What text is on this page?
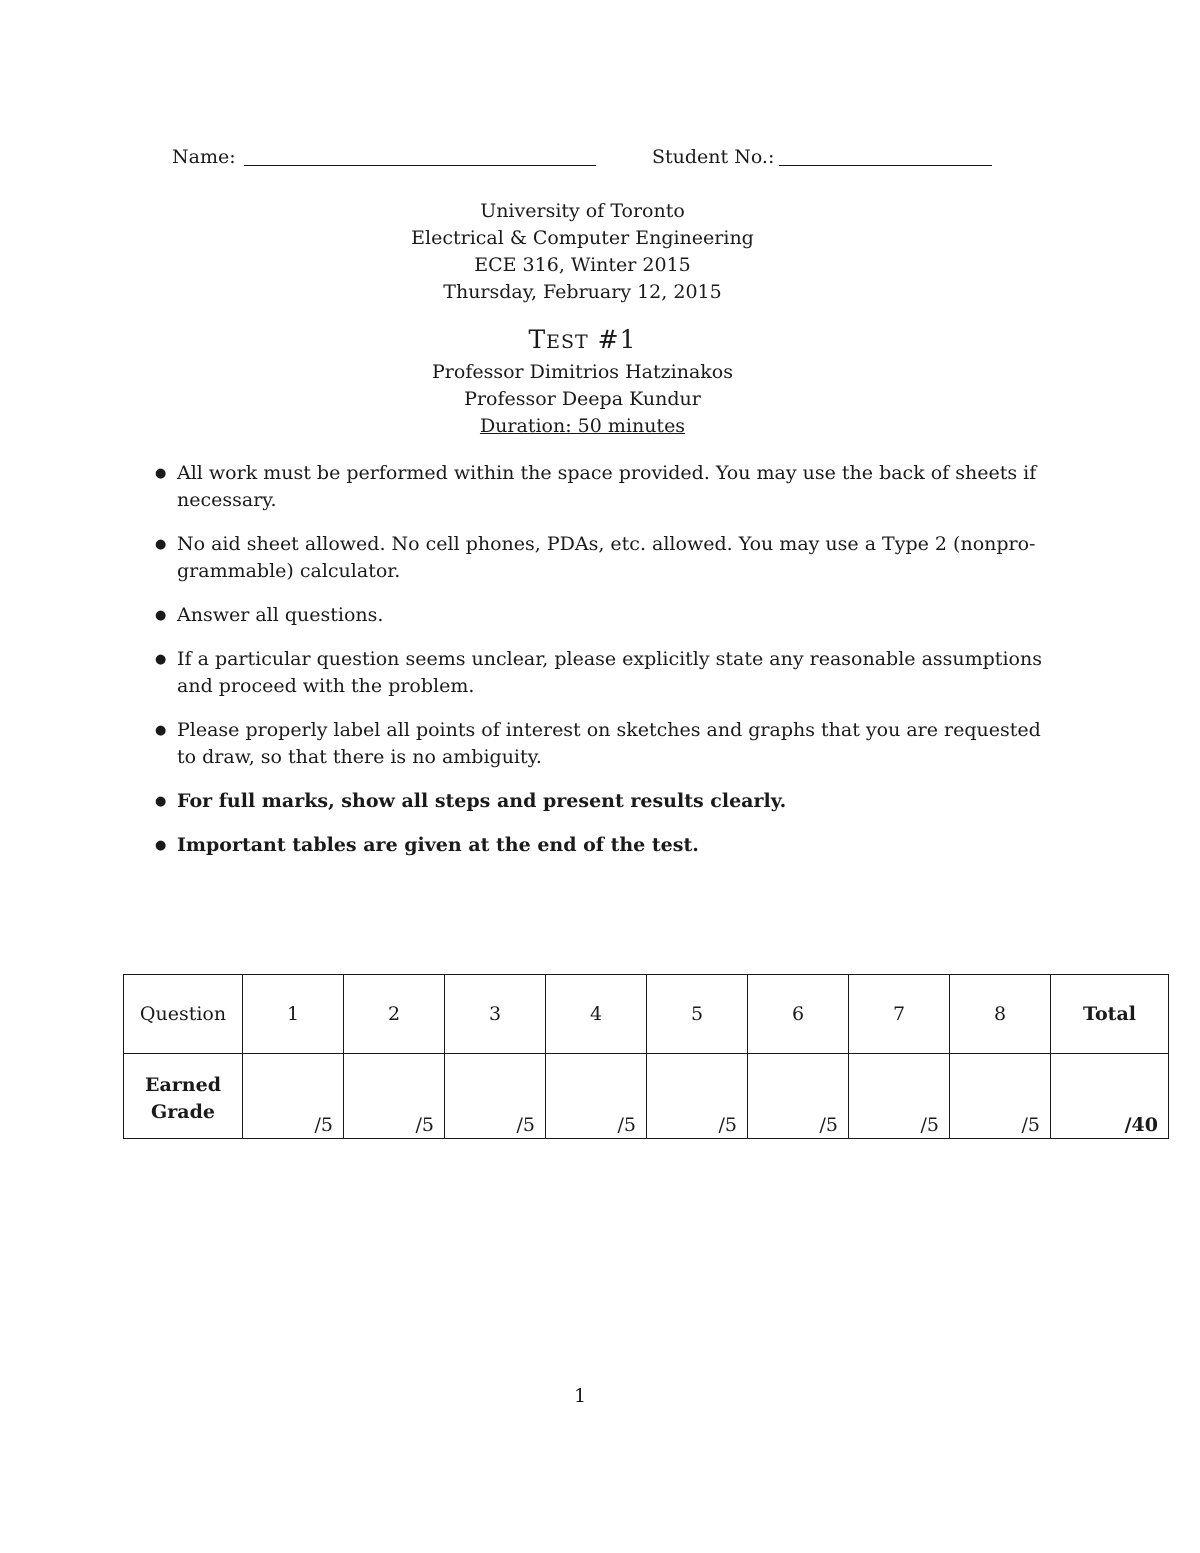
Name:	Student No.:
University of Toronto
Electrical & Computer Engineering
ECE 316, Winter 2015
Thursday, February 12, 2015
TEST #1
Professor Dimitrios Hatzinakos
Professor Deepa Kundur
Duration: 50 minutes
● All work must be performed within the space provided. You may use the back of sheets if necessary.
● No aid sheet allowed. No cell phones, PDAs, etc. allowed. You may use a Type 2 (nonpro-grammable) calculator.
● Answer all questions.
● If a particular question seems unclear, please explicitly state any reasonable assumptions and proceed with the problem.
● Please properly label all points of interest on sketches and graphs that you are requested to draw, so that there is no ambiguity.
● For full marks, show all steps and present results clearly.
● Important tables are given at the end of the test.
Question	1	2	3	4	5	6	7	8	Total

Earned
Grade	/5	/5	/5	/5	/5	/5	/5	/5	/40
1
